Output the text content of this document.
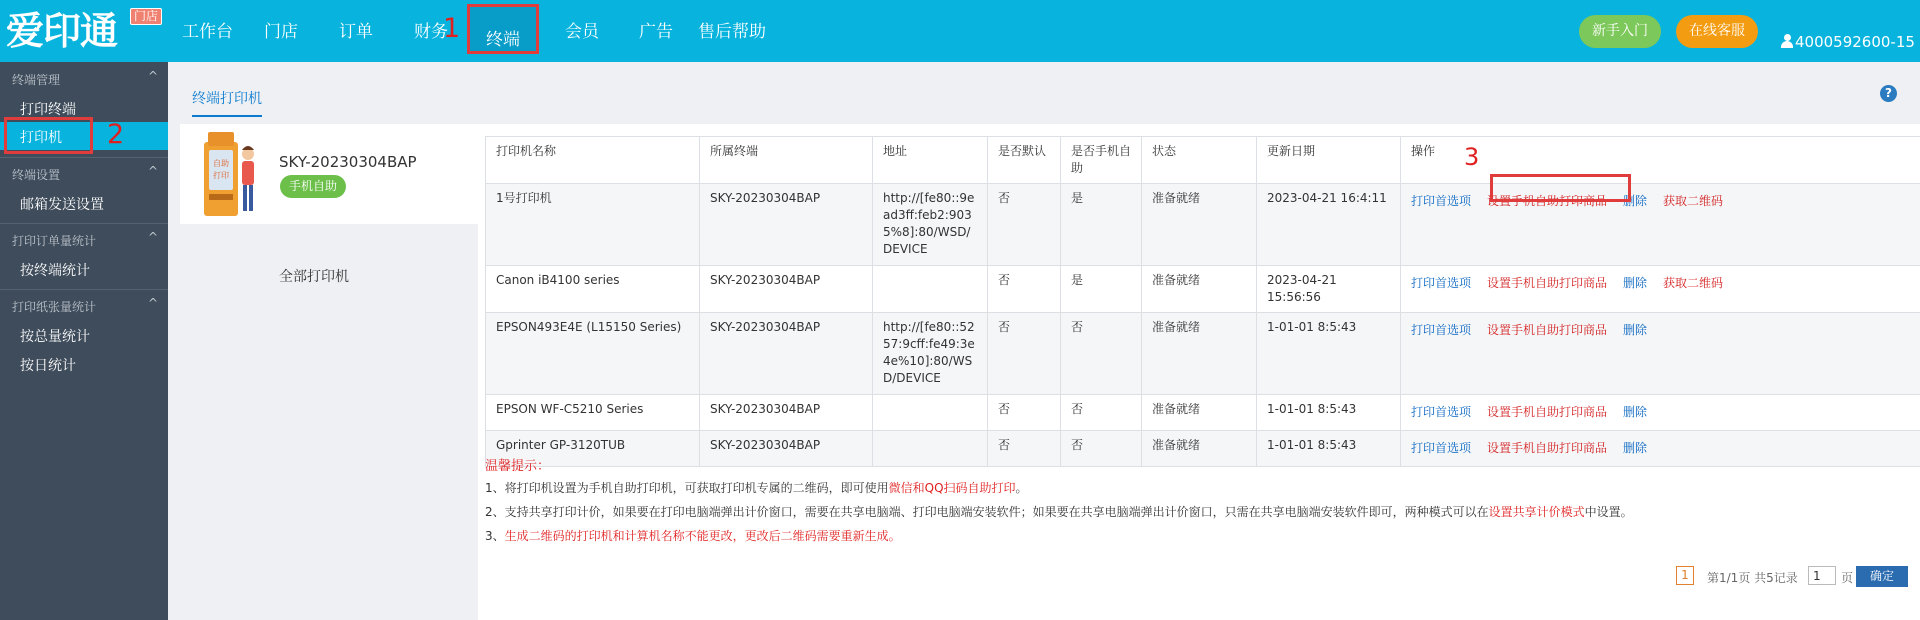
爱印通	门店
工作台 门店 订单 财务	终端	会员 广告 售后帮助	新手入门	在线客服
4000592600-15
1
终端管理	^
打印终端
打印机
终端设置	^
邮箱发送设置
打印订单量统计	^
按终端统计
打印纸张量统计	^
按总量统计
按日统计
2
终端打印机	?
自助
打印
SKY-20230304BAP
手机自助
全部打印机
打印机名称	所属终端	地址	是否默认	是否手机自助	状态	更新日期	操作
1号打印机	SKY-20230304BAP	http://[fe80::9ead3ff:feb2:9035%8]:80/WSD/DEVICE	否	是	准备就绪	2023-04-21 16:4:11	打印首选项 设置手机自助打印商品 删除 获取二维码
Canon iB4100 series	SKY-20230304BAP		否	是	准备就绪	2023-04-21 15:56:56	打印首选项 设置手机自助打印商品 删除 获取二维码
EPSON493E4E (L15150 Series)	SKY-20230304BAP	http://[fe80::5257:9cff:fe49:3e4e%10]:80/WSD/DEVICE	否	否	准备就绪	1-01-01 8:5:43	打印首选项 设置手机自助打印商品 删除
EPSON WF-C5210 Series	SKY-20230304BAP		否	否	准备就绪	1-01-01 8:5:43	打印首选项 设置手机自助打印商品 删除
Gprinter GP-3120TUB	SKY-20230304BAP		否	否	准备就绪	1-01-01 8:5:43	打印首选项 设置手机自助打印商品 删除
3
温馨提示：
1、将打印机设置为手机自助打印机，可获取打印机专属的二维码，即可使用微信和QQ扫码自助打印。
2、支持共享打印计价，如果要在打印电脑端弹出计价窗口，需要在共享电脑端、打印电脑端安装软件；如果要在共享电脑端弹出计价窗口，只需在共享电脑端安装软件即可，两种模式可以在设置共享计价模式中设置。
3、生成二维码的打印机和计算机名称不能更改，更改后二维码需要重新生成。
1	第1/1页 共5记录
1	页	确定
